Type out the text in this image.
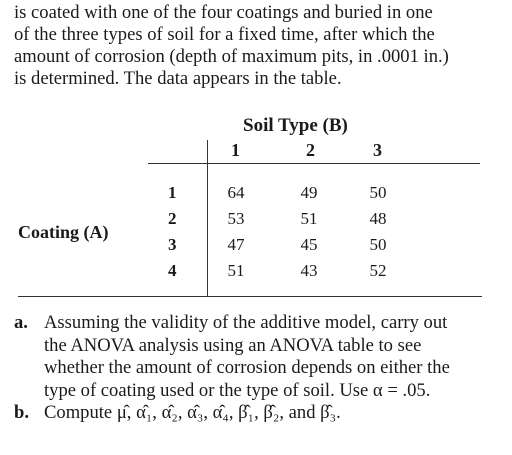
is coated with one of the four coatings and buried in one
of the three types of soil for a fixed time, after which the
amount of corrosion (depth of maximum pits, in .0001 in.)
is determined. The data appears in the table.
Soil Type (B)
1	2	3
Coating (A)
1	64	49	50
2	53	51	48
3	47	45	50
4	51	43	52
a. Assuming the validity of the additive model, carry out
the ANOVA analysis using an ANOVA table to see
whether the amount of corrosion depends on either the
type of coating used or the type of soil. Use α = .05.
b. Compute μ̂, α̂₁, α̂₂, α̂₃, α̂₄, β̂₁, β̂₂, and β̂₃.
